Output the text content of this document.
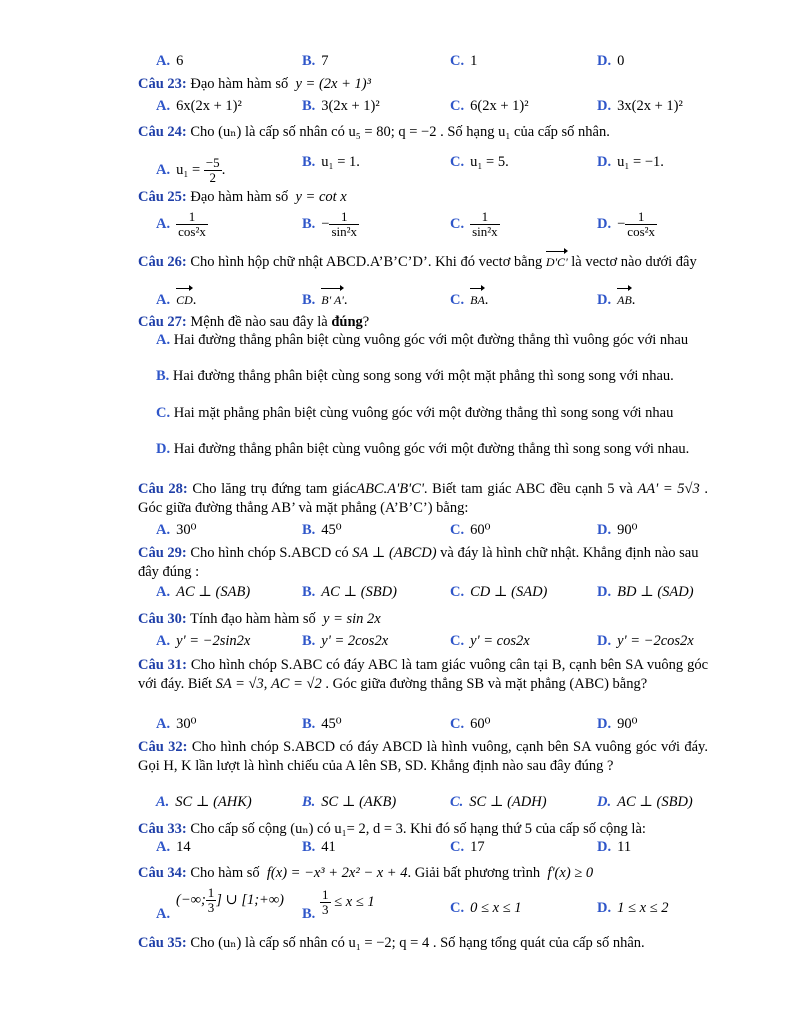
A. 6	B. 7	C. 1	D. 0
Câu 23: Đạo hàm hàm số y = (2x + 1)³
A. 6x(2x + 1)²	B. 3(2x + 1)²	C. 6(2x + 1)²	D. 3x(2x + 1)²
Câu 24: Cho (uₙ) là cấp số nhân có u₅ = 80; q = −2 . Số hạng u₁ của cấp số nhân.
A. $u_1 = \frac{-5}{2}$ .	B. u₁ = 1.	C. u₁ = 5.	D. u₁ = −1.
Câu 25: Đạo hàm hàm số y = cot x
A. $\frac{1}{\text{cos²x}}$	B. − $\frac{1}{\text{sin²x}}$	C. $\frac{1}{\text{sin²x}}$	D. − $\frac{1}{\text{cos²x}}$
Câu 26: Cho hình hộp chữ nhật ABCD.A’B’C’D’. Khi đó vectơ bằng D'C' là vectơ nào dưới đây
A. CD.	B. B' A'.	C. BA.	D. AB.
Câu 27: Mệnh đề nào sau đây là đúng?
A. Hai đường thẳng phân biệt cùng vuông góc với một đường thẳng thì vuông góc với nhau
B. Hai đường thẳng phân biệt cùng song song với một mặt phẳng thì song song với nhau.
C. Hai mặt phẳng phân biệt cùng vuông góc với một đường thẳng thì song song với nhau
D. Hai đường thẳng phân biệt cùng vuông góc với một đường thẳng thì song song với nhau.
Câu 28: Cho lăng trụ đứng tam giácABC.A'B'C'. Biết tam giác ABC đều cạnh 5 và AA' = 5√3 . Góc giữa đường thẳng AB’ và mặt phẳng (A’B’C’) bằng:
A. 30⁰	B. 45⁰	C. 60⁰	D. 90⁰
Câu 29: Cho hình chóp S.ABCD có SA ⊥ (ABCD) và đáy là hình chữ nhật. Khẳng định nào sau đây đúng :
A. AC ⊥ (SAB)	B. AC ⊥ (SBD)	C. CD ⊥ (SAD)	D. BD ⊥ (SAD)
Câu 30: Tính đạo hàm hàm số y = sin 2x
A. y' = −2sin2x	B. y' = 2cos2x	C. y' = cos2x	D. y' = −2cos2x
Câu 31: Cho hình chóp S.ABC có đáy ABC là tam giác vuông cân tại B, cạnh bên SA vuông góc với đáy. Biết SA = √3, AC = √2 . Góc giữa đường thẳng SB và mặt phẳng (ABC) bằng?
A. 30⁰	B. 45⁰	C. 60⁰	D. 90⁰
Câu 32: Cho hình chóp S.ABCD có đáy ABCD là hình vuông, cạnh bên SA vuông góc với đáy. Gọi H, K lần lượt là hình chiếu của A lên SB, SD. Khẳng định nào sau đây đúng ?
A. SC ⊥ (AHK)	B. SC ⊥ (AKB)	C. SC ⊥ (ADH)	D. AC ⊥ (SBD)
Câu 33: Cho cấp số cộng (uₙ) có u₁= 2, d = 3. Khi đó số hạng thứ 5 của cấp số cộng là:
A. 14	B. 41	C. 17	D. 11
Câu 34: Cho hàm số f(x) = −x³ + 2x² − x + 4. Giải bất phương trình f'(x) ≥ 0
A.
(−∞; $\frac{1}{3}$ ] ∪ [1;+∞)
B. $\frac{1}{3} \le x \le 1$	C. 0 ≤ x ≤ 1	D. 1 ≤ x ≤ 2
Câu 35: Cho (uₙ) là cấp số nhân có u₁ = −2; q = 4 . Số hạng tổng quát của cấp số nhân.
